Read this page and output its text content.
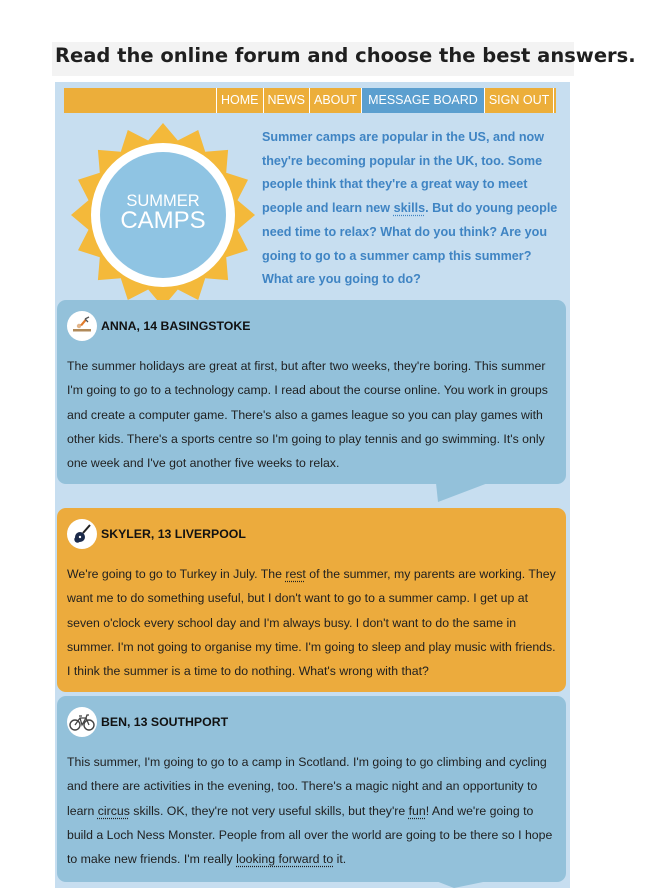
Read the online forum and choose the best answers.
HOME NEWS ABOUT MESSAGE BOARD SIGN OUT
SUMMER
CAMPS
Summer camps are popular in the US, and now they're becoming popular in the UK, too. Some people think that they're a great way to meet people and learn new skills. But do young people need time to relax? What do you think? Are you going to go to a summer camp this summer? What are you going to do?
ANNA, 14 BASINGSTOKE
The summer holidays are great at first, but after two weeks, they're boring. This summer I'm going to go to a technology camp. I read about the course online. You work in groups and create a computer game. There's also a games league so you can play games with other kids. There's a sports centre so I'm going to play tennis and go swimming. It's only one week and I've got another five weeks to relax.
SKYLER, 13 LIVERPOOL
We're going to go to Turkey in July. The rest of the summer, my parents are working. They want me to do something useful, but I don't want to go to a summer camp. I get up at seven o'clock every school day and I'm always busy. I don't want to do the same in summer. I'm not going to organise my time. I'm going to sleep and play music with friends. I think the summer is a time to do nothing. What's wrong with that?
BEN, 13 SOUTHPORT
This summer, I'm going to go to a camp in Scotland. I'm going to go climbing and cycling and there are activities in the evening, too. There's a magic night and an opportunity to learn circus skills. OK, they're not very useful skills, but they're fun! And we're going to build a Loch Ness Monster. People from all over the world are going to be there so I hope to make new friends. I'm really looking forward to it.
